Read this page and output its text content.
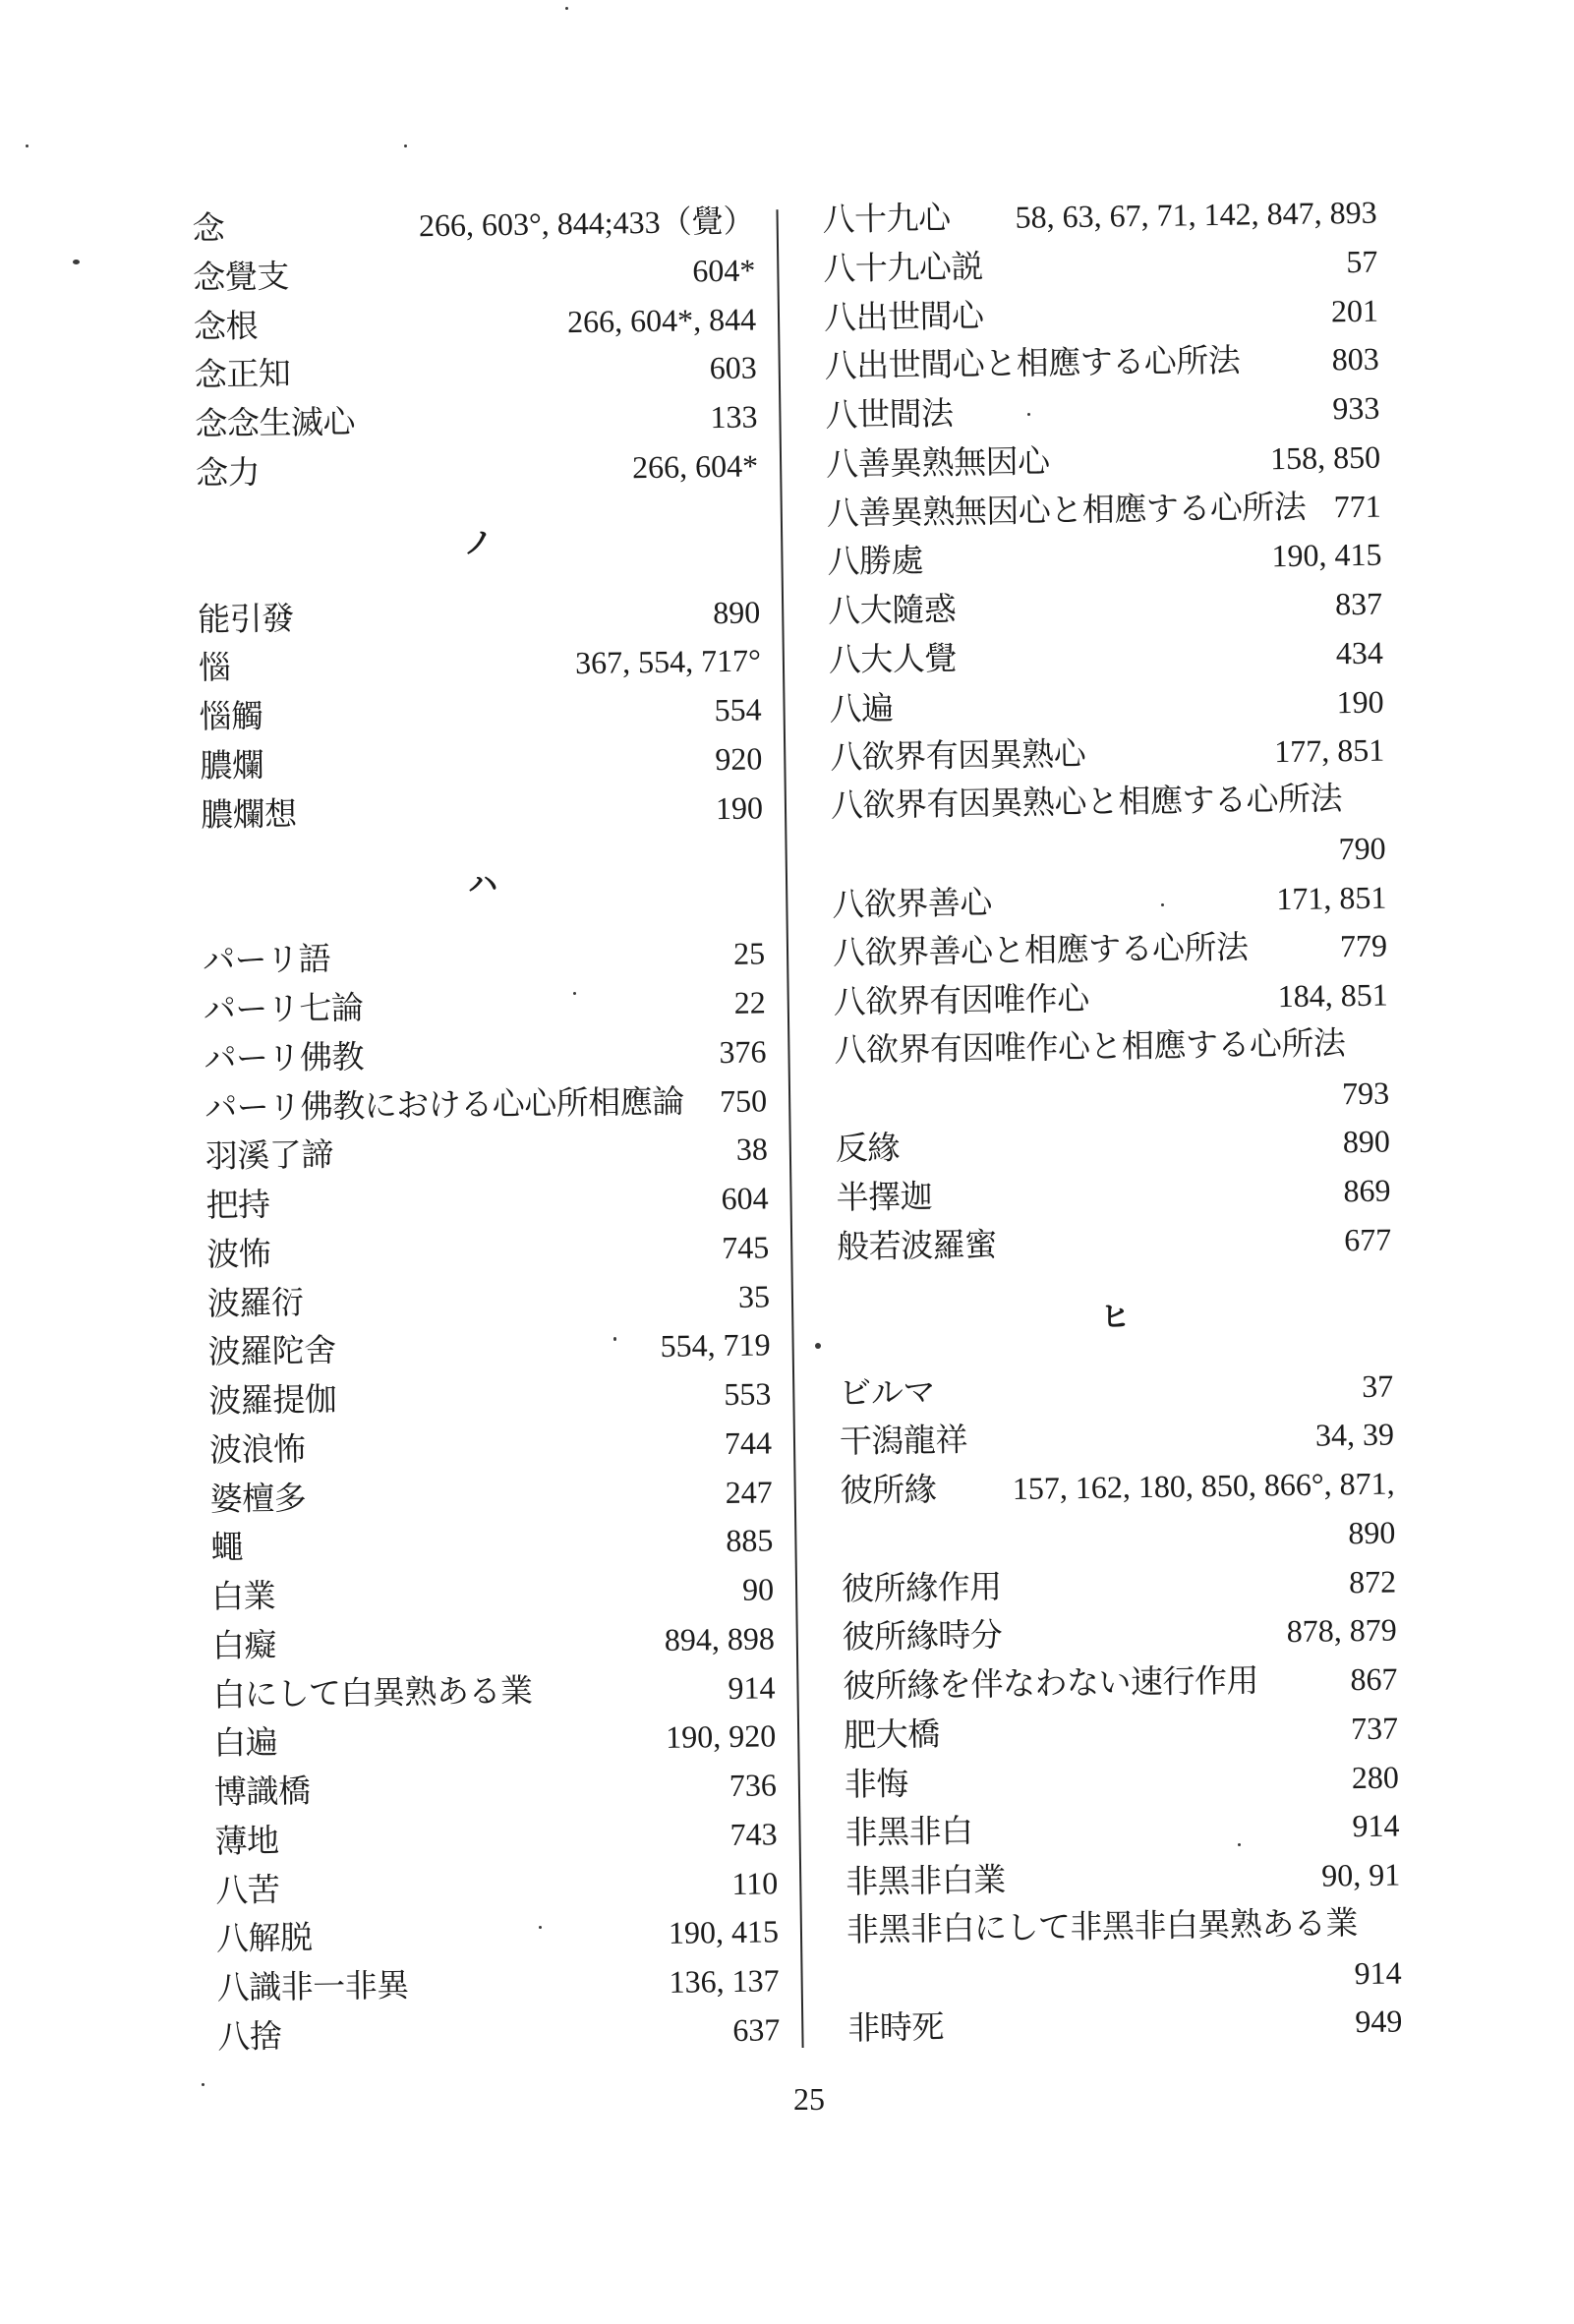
念	266, 603°, 844;433（覺）
念覺支	604*
念根	266, 604*, 844
念正知	603
念念生滅心	133
念力	266, 604*
ノ
能引發	890
惱	367, 554, 717°
惱觸	554
膿爛	920
膿爛想	190
ハ
パーリ語	25
パーリ七論	22
パーリ佛教	376
パーリ佛教における心心所相應論 750
羽溪了諦	38
把持	604
波怖	745
波羅衍	35
波羅陀舍	554, 719
波羅提伽	553
波浪怖	744
婆檀多	247
蠅	885
白業	90
白癡	894, 898
白にして白異熟ある業	914
白遍	190, 920
博識橋	736
薄地	743
八苦	110
八解脱	190, 415
八識非一非異	136, 137
八捨	637
八十九心 58, 63, 67, 71, 142, 847, 893
八十九心説	57
八出世間心	201
八出世間心と相應する心所法	803
八世間法	933
八善異熟無因心	158, 850
八善異熟無因心と相應する心所法 771
八勝處	190, 415
八大隨惑	837
八大人覺	434
八遍	190
八欲界有因異熟心	177, 851
八欲界有因異熟心と相應する心所法
790
八欲界善心	171, 851
八欲界善心と相應する心所法	779
八欲界有因唯作心	184, 851
八欲界有因唯作心と相應する心所法
793
反緣	890
半擇迦	869
般若波羅蜜	677
ヒ
ビルマ	37
干潟龍祥	34, 39
彼所緣 157, 162, 180, 850, 866°, 871,
890
彼所緣作用	872
彼所緣時分	878, 879
彼所緣を伴なわない速行作用	867
肥大橋	737
非悔	280
非黑非白	914
非黑非白業	90, 91
非黑非白にして非黑非白異熟ある業
914
非時死	949
25
